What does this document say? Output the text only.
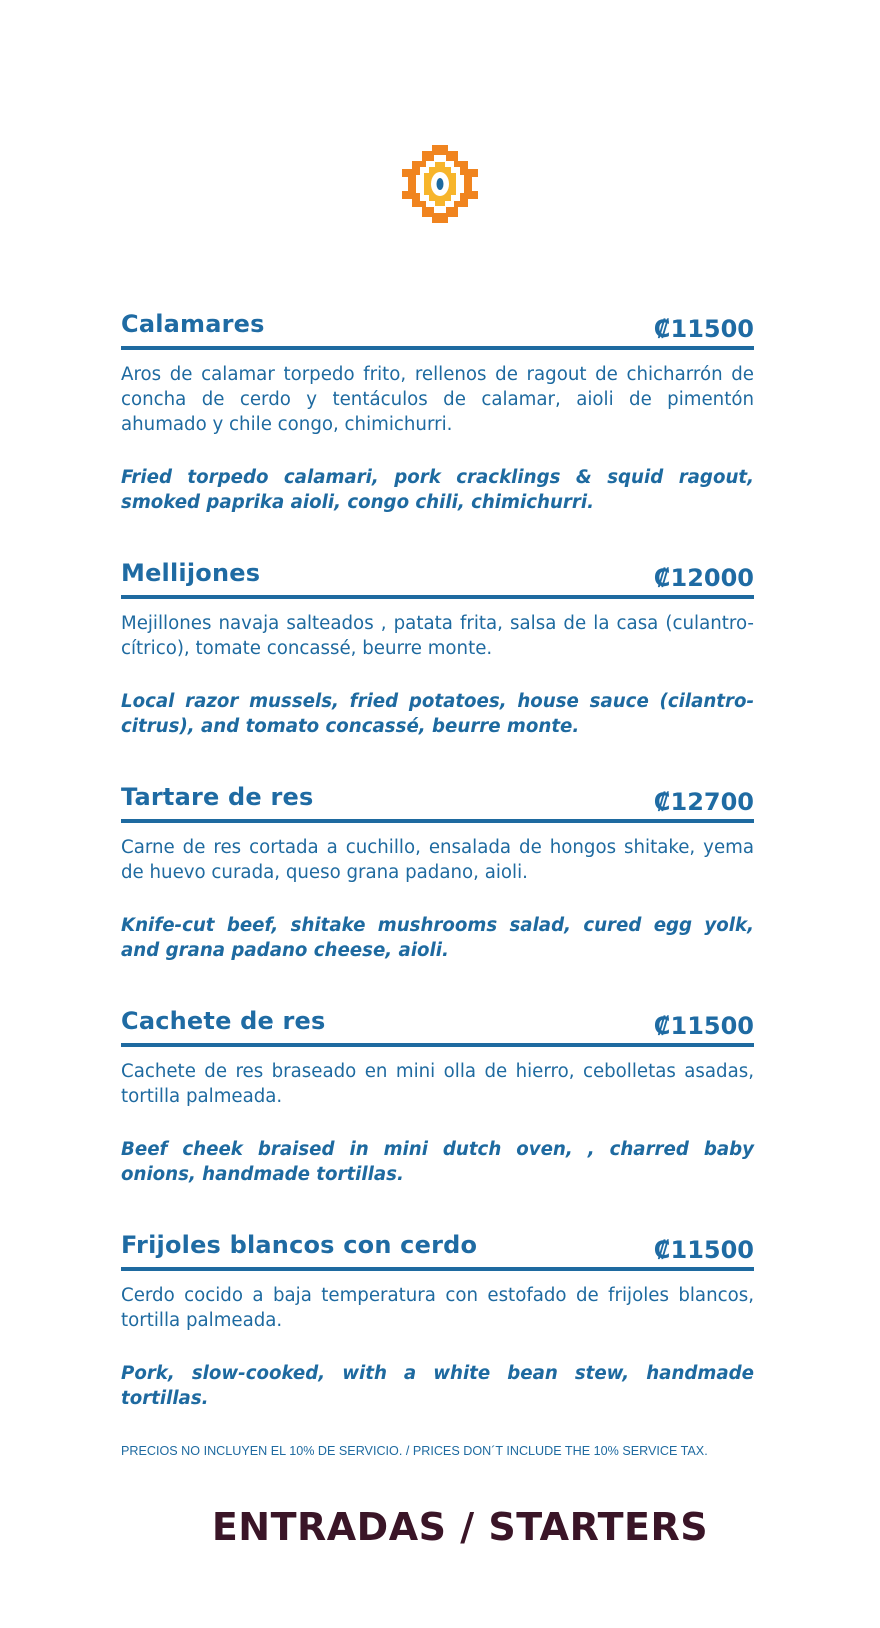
Calamares	₡11500

Aros de calamar torpedo frito, rellenos de ragout de chicharrón de concha de cerdo y tentáculos de calamar, aioli de pimentón ahumado y chile congo, chimichurri.

Fried torpedo calamari, pork cracklings & squid ragout, smoked paprika aioli, congo chili, chimichurri.

Mellijones	₡12000

Mejillones navaja salteados , patata frita, salsa de la casa (culantro-cítrico), tomate concassé, beurre monte.

Local razor mussels, fried potatoes, house sauce (cilantro-citrus), and tomato concassé, beurre monte.

Tartare de res	₡12700

Carne de res cortada a cuchillo, ensalada de hongos shitake, yema de huevo curada, queso grana padano, aioli.

Knife-cut beef, shitake mushrooms salad, cured egg yolk, and grana padano cheese, aioli.

Cachete de res	₡11500

Cachete de res braseado en mini olla de hierro, cebolletas asadas, tortilla palmeada.

Beef cheek braised in mini dutch oven, , charred baby onions, handmade tortillas.

Frijoles blancos con cerdo	₡11500

Cerdo cocido a baja temperatura con estofado de frijoles blancos, tortilla palmeada.

Pork, slow-cooked, with a white bean stew, handmade tortillas.

PRECIOS NO INCLUYEN EL 10% DE SERVICIO. / PRICES DON´T INCLUDE THE 10% SERVICE TAX.
ENTRADAS / STARTERS
